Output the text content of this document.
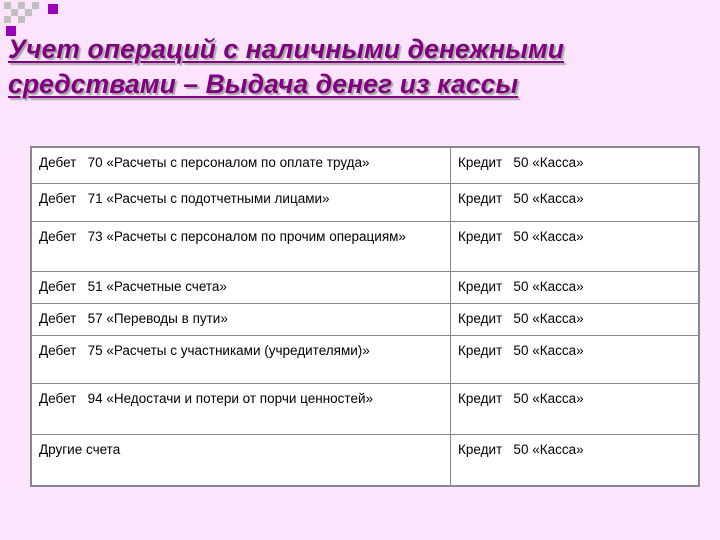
Учет операций с наличными денежными
средствами – Выдача денег из кассы
Дебет   70 «Расчеты с персоналом по оплате труда»	Кредит   50 «Касса»
Дебет   71 «Расчеты с подотчетными лицами»	Кредит   50 «Касса»
Дебет   73 «Расчеты с персоналом по прочим операциям»	Кредит   50 «Касса»
Дебет   51 «Расчетные счета»	Кредит   50 «Касса»
Дебет   57 «Переводы в пути»	Кредит   50 «Касса»
Дебет   75 «Расчеты с участниками (учредителями)»	Кредит   50 «Касса»
Дебет   94 «Недостачи и потери от порчи ценностей»	Кредит   50 «Касса»
Другие счета	Кредит   50 «Касса»
